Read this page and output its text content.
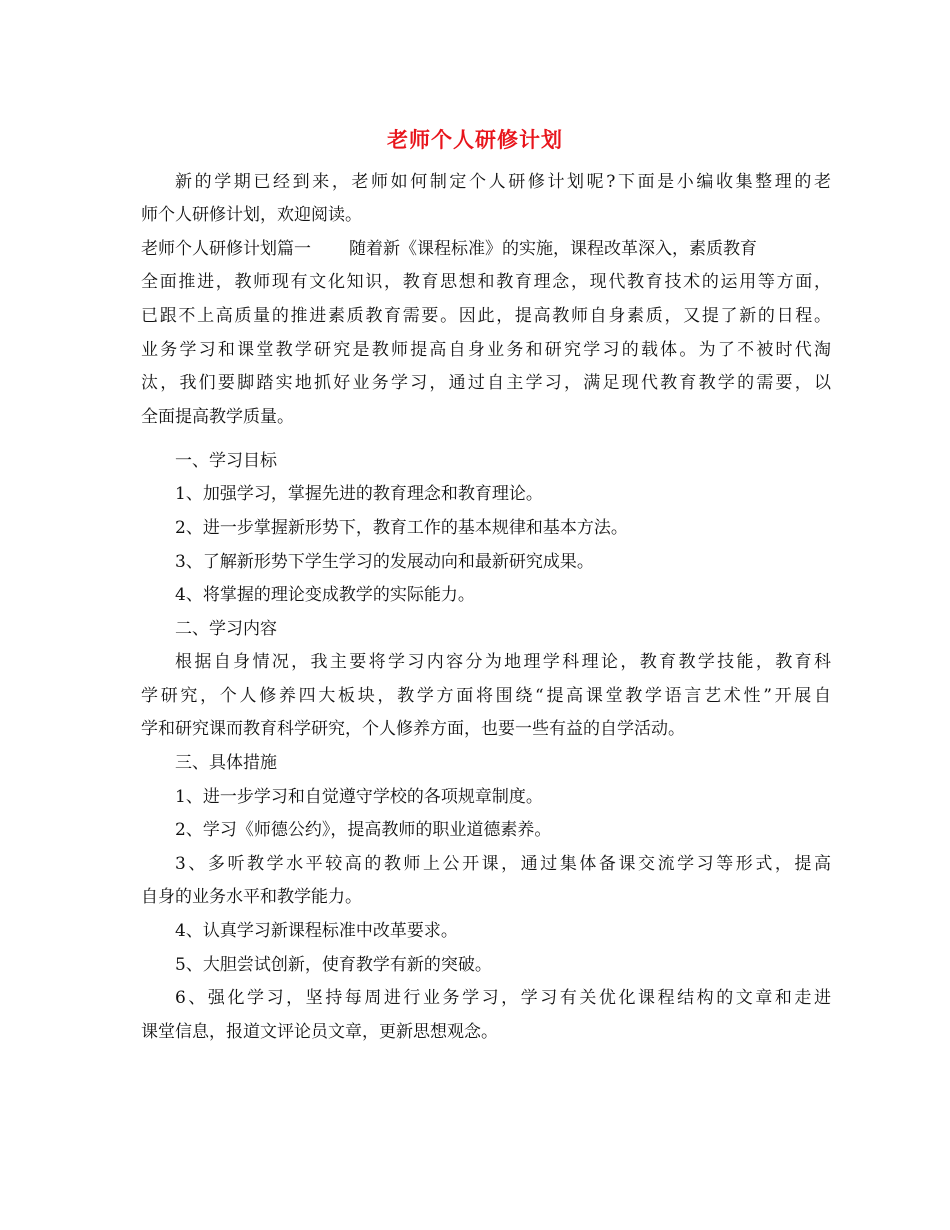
老师个人研修计划
新的学期已经到来，老师如何制定个人研修计划呢?下面是小编收集整理的老
师个人研修计划，欢迎阅读。
老师个人研修计划篇一 随着新《课程标准》的实施，课程改革深入，素质教育
全面推进，教师现有文化知识，教育思想和教育理念，现代教育技术的运用等方面，
已跟不上高质量的推进素质教育需要。因此，提高教师自身素质，又提了新的日程。
业务学习和课堂教学研究是教师提高自身业务和研究学习的载体。为了不被时代淘
汰，我们要脚踏实地抓好业务学习，通过自主学习，满足现代教育教学的需要，以
全面提高教学质量。
一、学习目标
1、加强学习，掌握先进的教育理念和教育理论。
2、进一步掌握新形势下，教育工作的基本规律和基本方法。
3、了解新形势下学生学习的发展动向和最新研究成果。
4、将掌握的理论变成教学的实际能力。
二、学习内容
根据自身情况，我主要将学习内容分为地理学科理论，教育教学技能，教育科
学研究，个人修养四大板块，教学方面将围绕“提高课堂教学语言艺术性”开展自
学和研究课而教育科学研究，个人修养方面，也要一些有益的自学活动。
三、具体措施
1、进一步学习和自觉遵守学校的各项规章制度。
2、学习《师德公约》，提高教师的职业道德素养。
3、多听教学水平较高的教师上公开课，通过集体备课交流学习等形式，提高
自身的业务水平和教学能力。
4、认真学习新课程标准中改革要求。
5、大胆尝试创新，使育教学有新的突破。
6、强化学习，坚持每周进行业务学习，学习有关优化课程结构的文章和走进
课堂信息，报道文评论员文章，更新思想观念。
